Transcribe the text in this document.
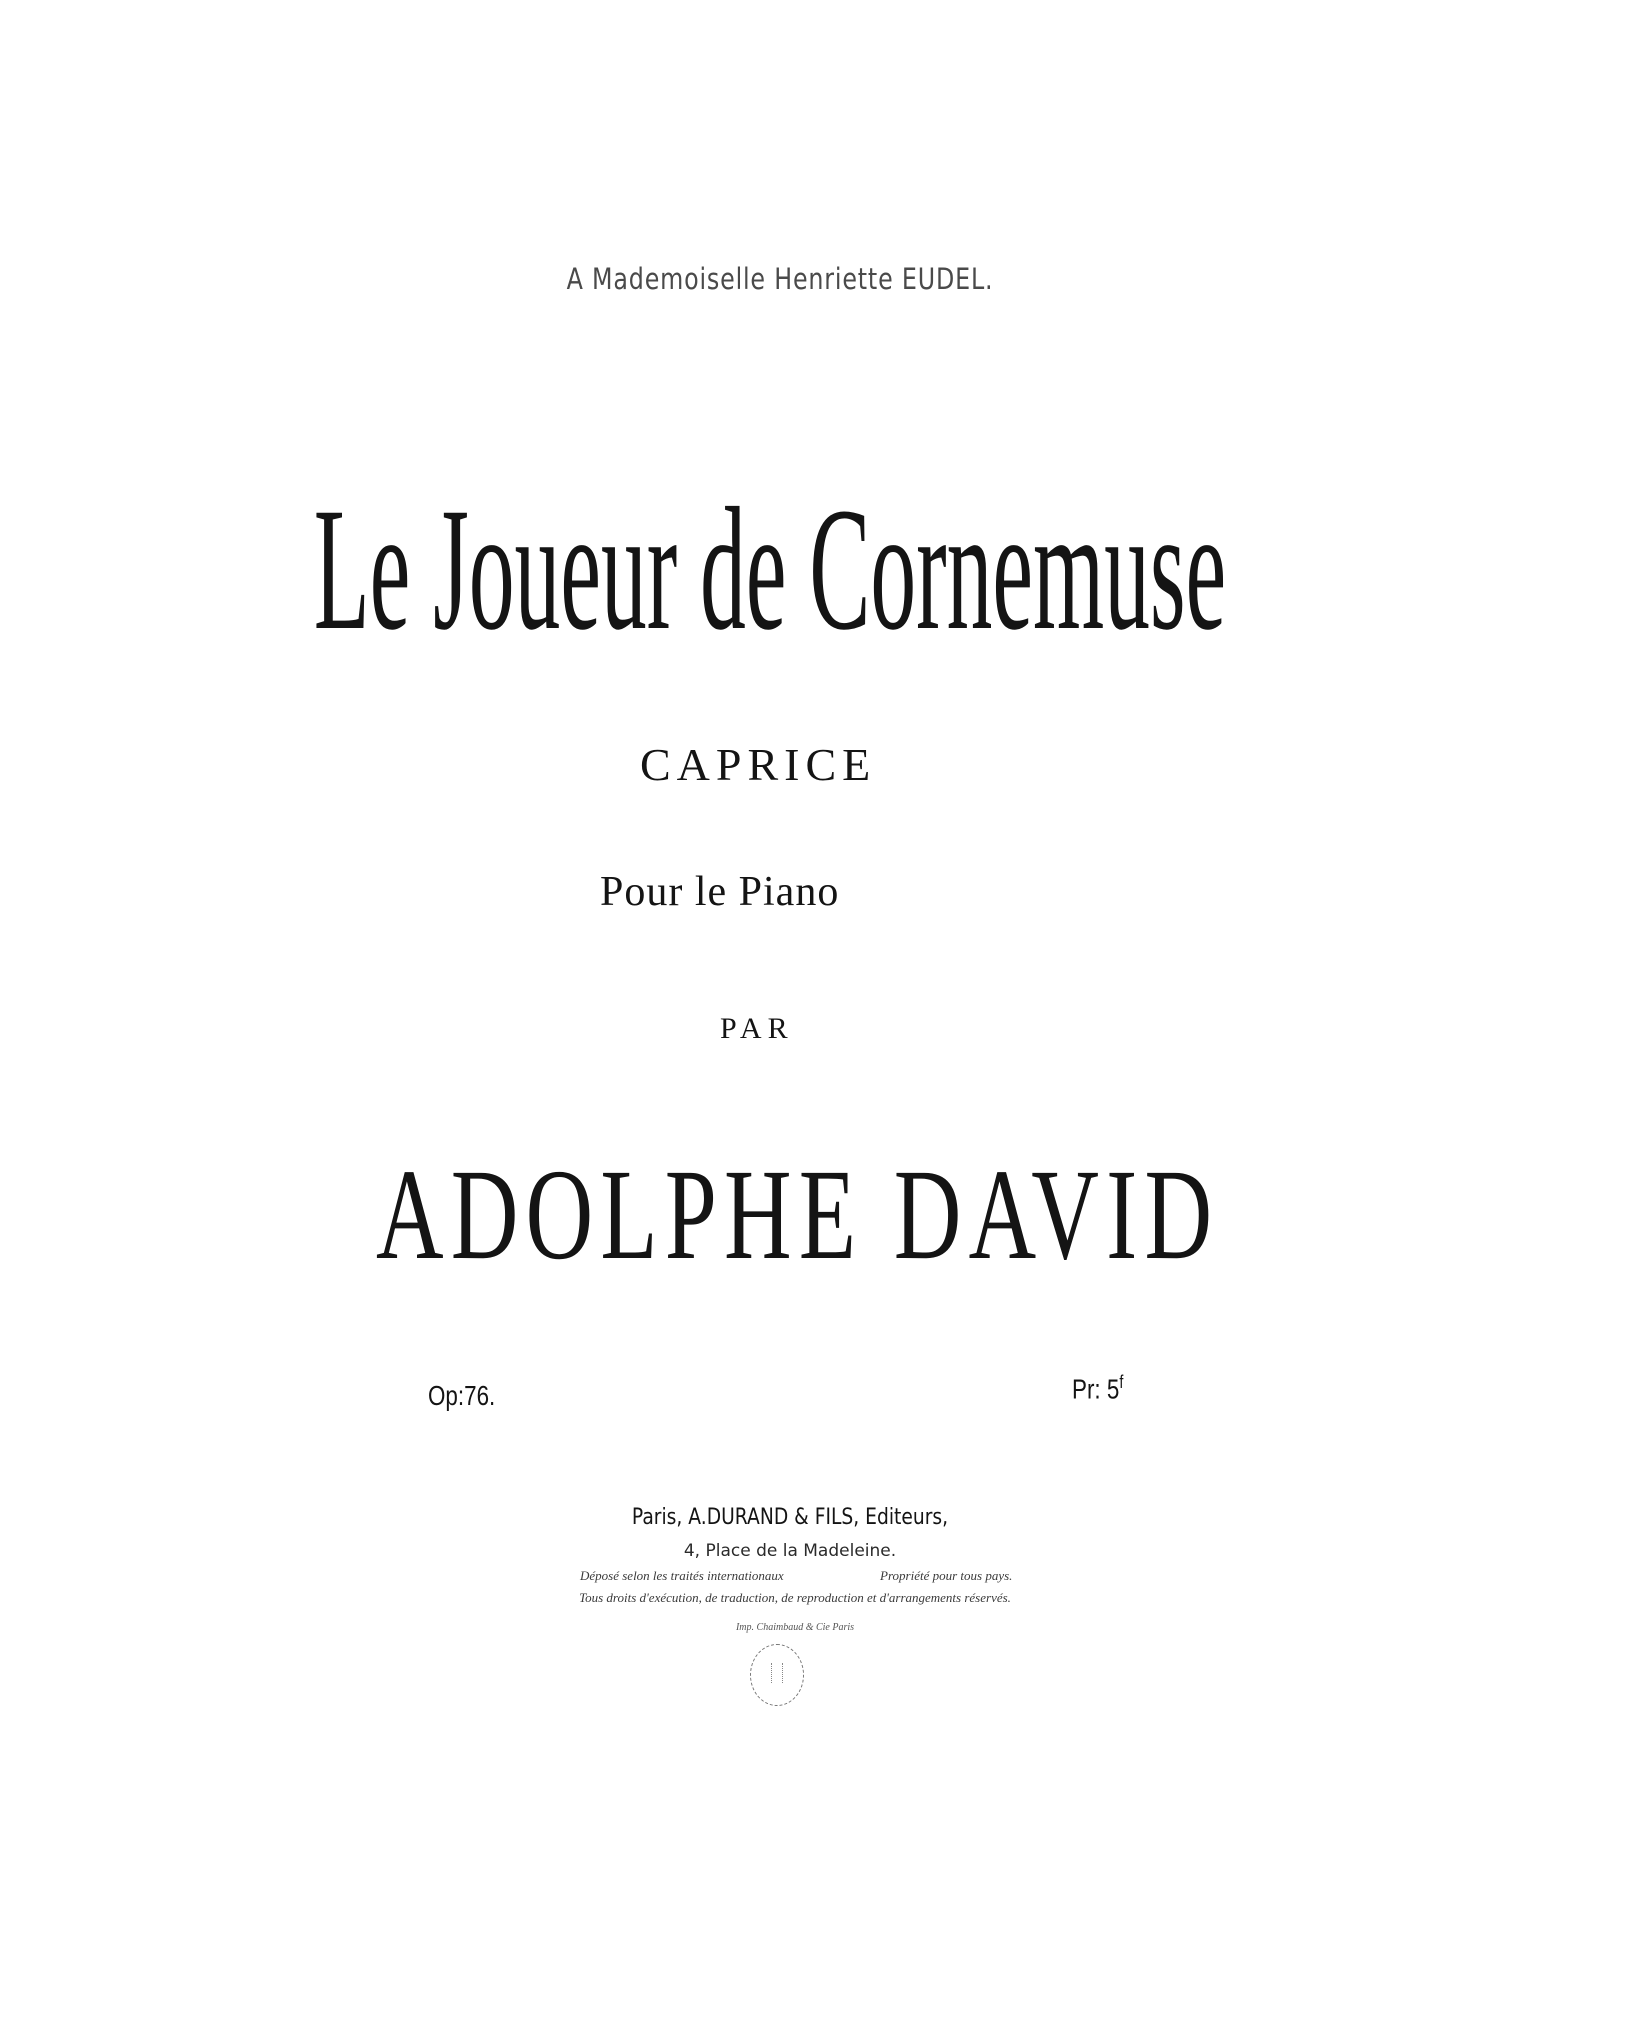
A Mademoiselle Henriette EUDEL.
Le Joueur de Cornemuse
CAPRICE
Pour le Piano
PAR
ADOLPHE DAVID
Op:76.	Pr: 5$^f$
Paris, A.DURAND & FILS, Editeurs,
4, Place de la Madeleine.
Déposé selon les traités internationaux	Propriété pour tous pays.
Tous droits d'exécution, de traduction, de reproduction et d'arrangements réservés.
Imp. Chaimbaud & Cie Paris
